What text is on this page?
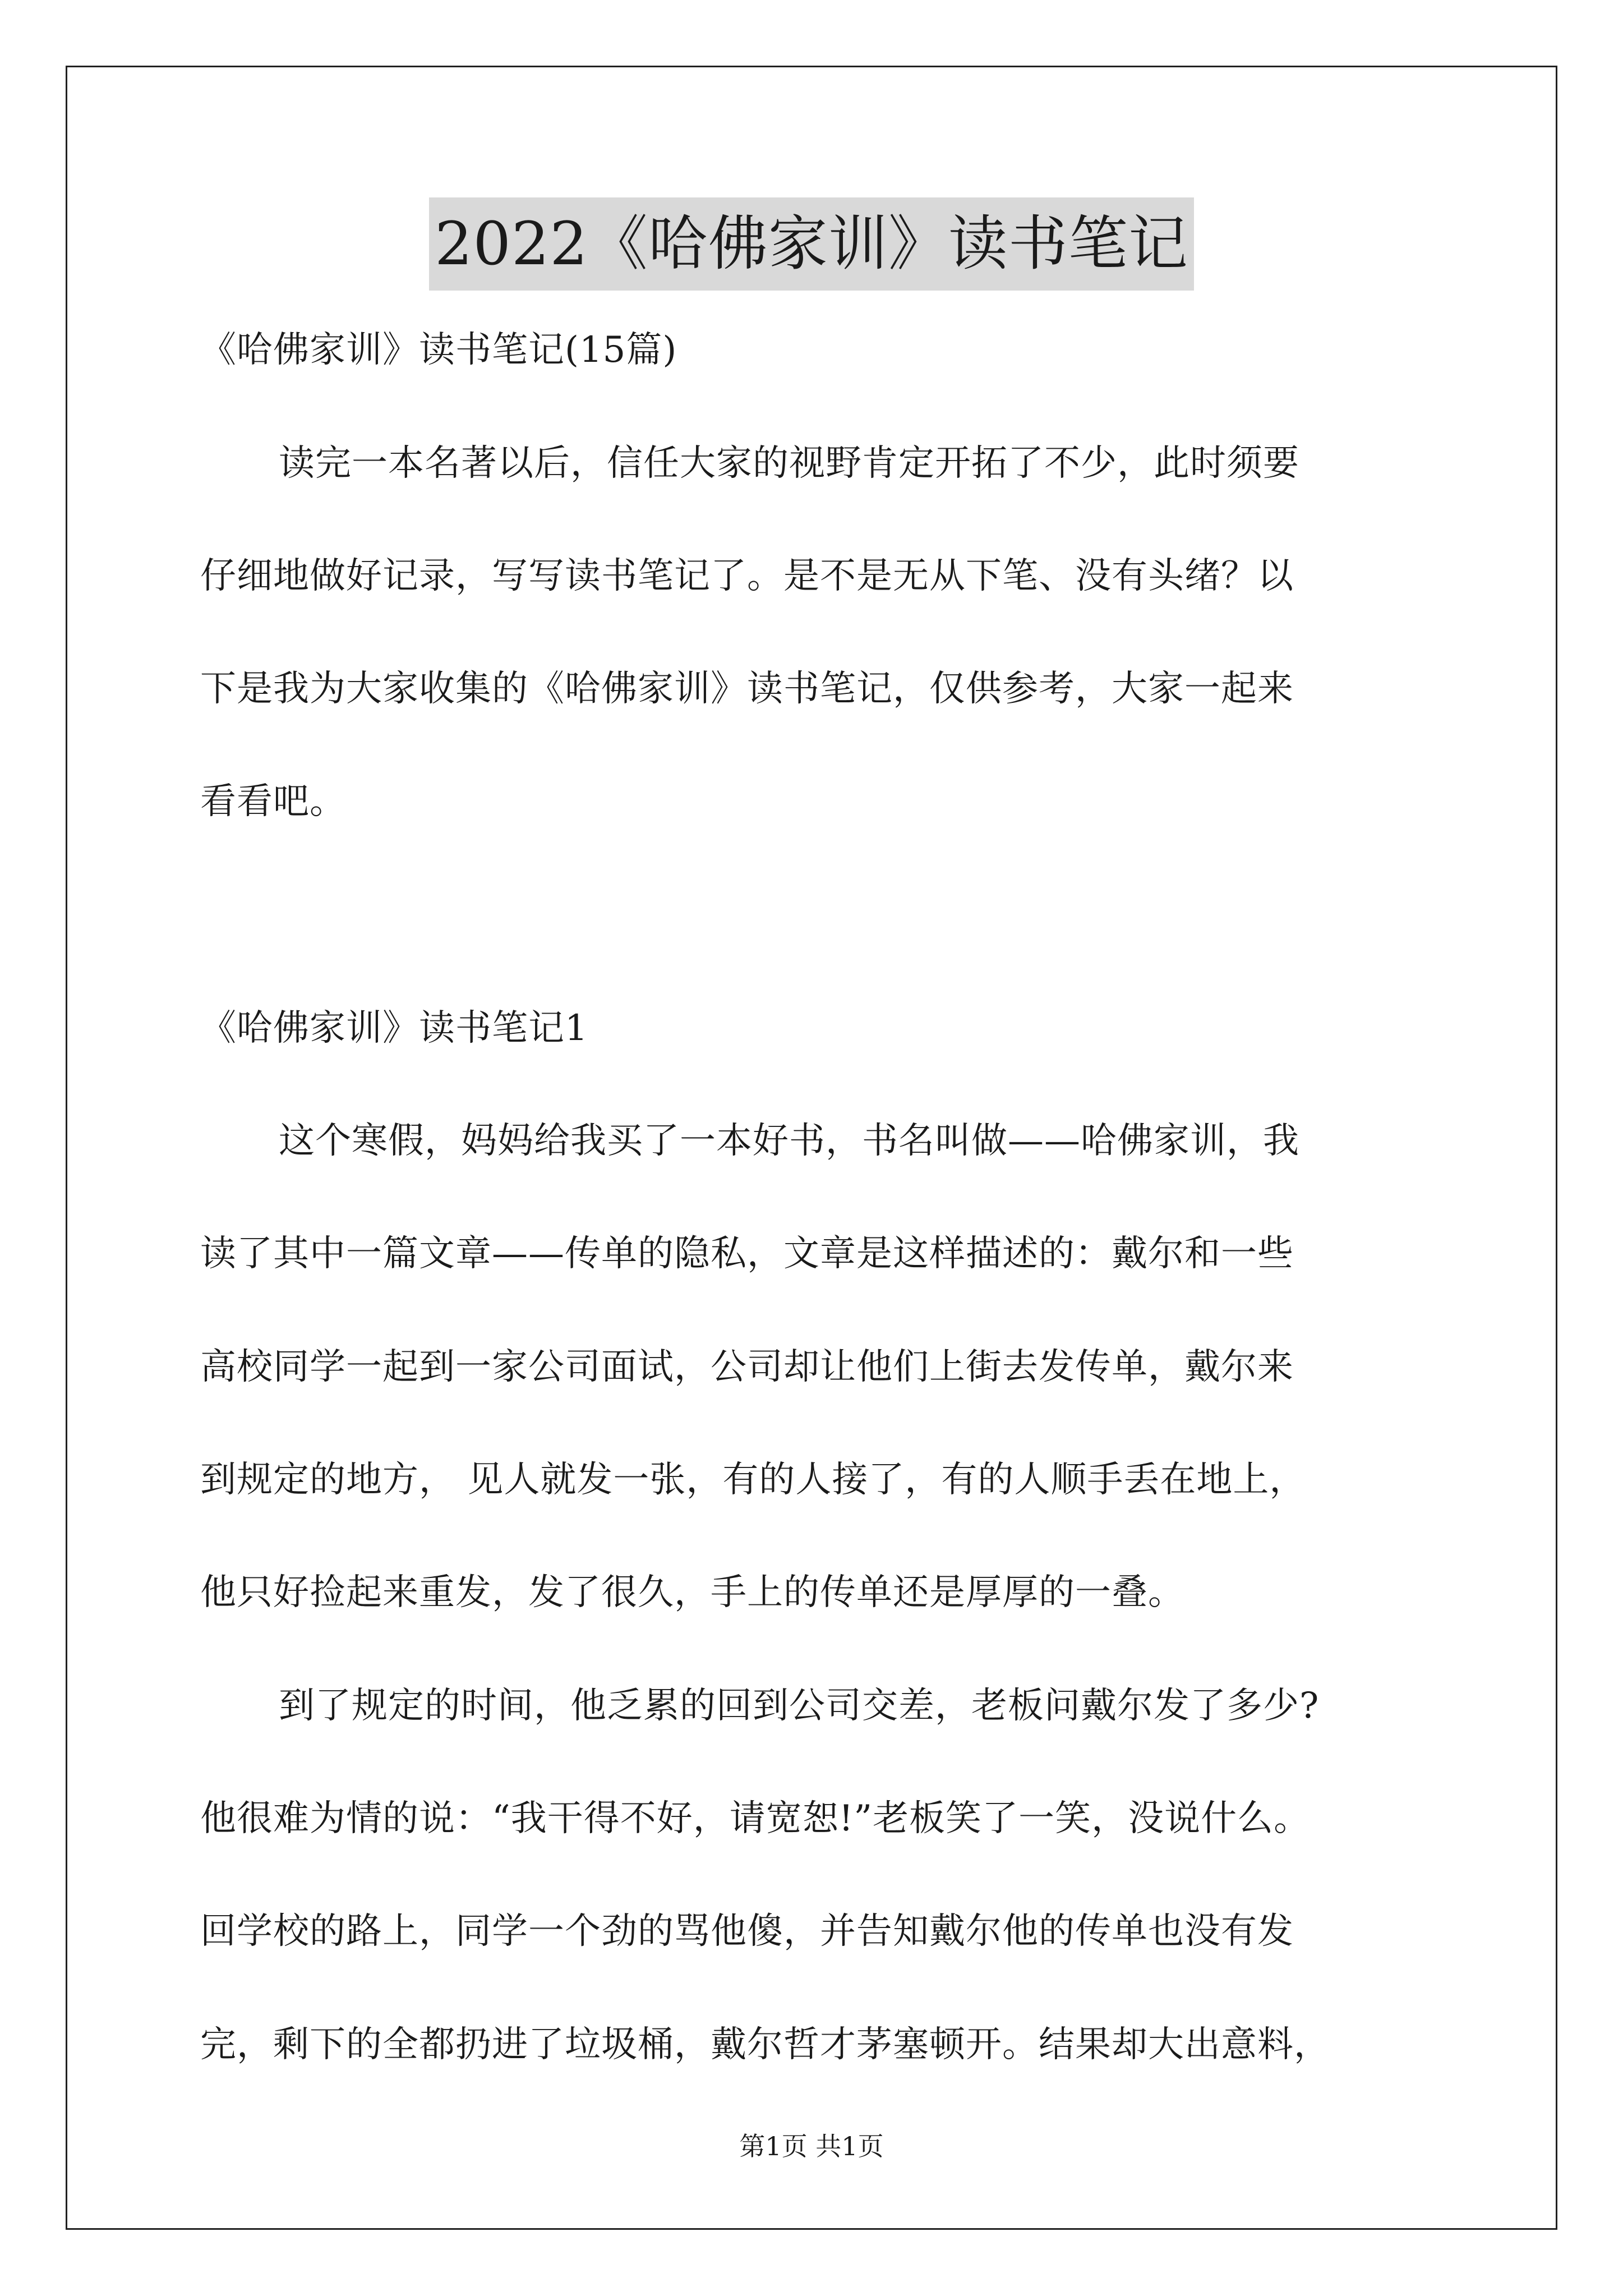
2022《哈佛家训》读书笔记
《哈佛家训》读书笔记(15篇)
读完一本名著以后，信任大家的视野肯定开拓了不少，此时须要
仔细地做好记录，写写读书笔记了。是不是无从下笔、没有头绪？以
下是我为大家收集的《哈佛家训》读书笔记，仅供参考，大家一起来
看看吧。
《哈佛家训》读书笔记1
这个寒假，妈妈给我买了一本好书，书名叫做——哈佛家训，我
读了其中一篇文章——传单的隐私，文章是这样描述的：戴尔和一些
高校同学一起到一家公司面试，公司却让他们上街去发传单，戴尔来
到规定的地方， 见人就发一张，有的人接了，有的人顺手丢在地上，
他只好捡起来重发，发了很久，手上的传单还是厚厚的一叠。
到了规定的时间，他乏累的回到公司交差，老板问戴尔发了多少?
他很难为情的说：“我干得不好，请宽恕!”老板笑了一笑，没说什么。
回学校的路上，同学一个劲的骂他傻，并告知戴尔他的传单也没有发
完，剩下的全都扔进了垃圾桶，戴尔哲才茅塞顿开。结果却大出意料，
第1页 共1页
